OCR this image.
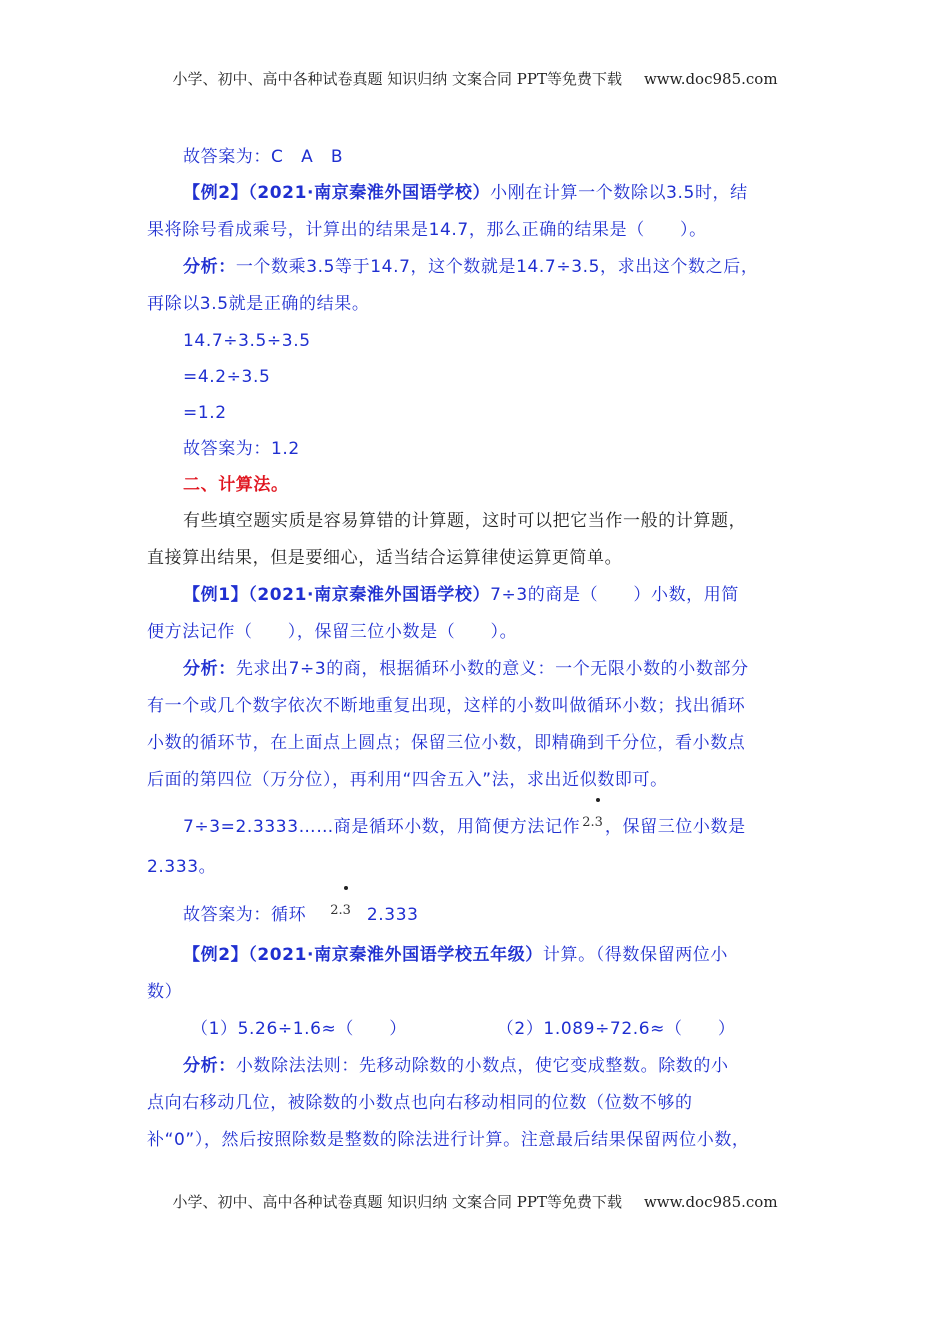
小学、初中、高中各种试卷真题 知识归纳 文案合同 PPT等免费下载 www.doc985.com
故答案为：C　A　B
【例2】（2021·南京秦淮外国语学校）小刚在计算一个数除以3.5时，结
果将除号看成乘号，计算出的结果是14.7，那么正确的结果是（　　）。
分析：一个数乘3.5等于14.7，这个数就是14.7÷3.5，求出这个数之后，
再除以3.5就是正确的结果。
14.7÷3.5÷3.5
=4.2÷3.5
=1.2
故答案为：1.2
二、计算法。
有些填空题实质是容易算错的计算题，这时可以把它当作一般的计算题，
直接算出结果，但是要细心，适当结合运算律使运算更简单。
【例1】（2021·南京秦淮外国语学校）7÷3的商是（　　）小数，用简
便方法记作（　　），保留三位小数是（　　）。
分析：先求出7÷3的商，根据循环小数的意义：一个无限小数的小数部分
有一个或几个数字依次不断地重复出现，这样的小数叫做循环小数；找出循环
小数的循环节，在上面点上圆点；保留三位小数，即精确到千分位，看小数点
后面的第四位（万分位），再利用“四舍五入”法，求出近似数即可。
7÷3=2.3333……商是循环小数，用简便方法记作 2.3 ，保留三位小数是
2.333。
故答案为：循环 2.3 2.333
【例2】（2021·南京秦淮外国语学校五年级）计算。（得数保留两位小
数）
（1）5.26÷1.6≈（　　）	（2）1.089÷72.6≈（　　）
分析：小数除法法则：先移动除数的小数点，使它变成整数。除数的小
点向右移动几位，被除数的小数点也向右移动相同的位数（位数不够的
补“0”），然后按照除数是整数的除法进行计算。注意最后结果保留两位小数，
小学、初中、高中各种试卷真题 知识归纳 文案合同 PPT等免费下载 www.doc985.com
